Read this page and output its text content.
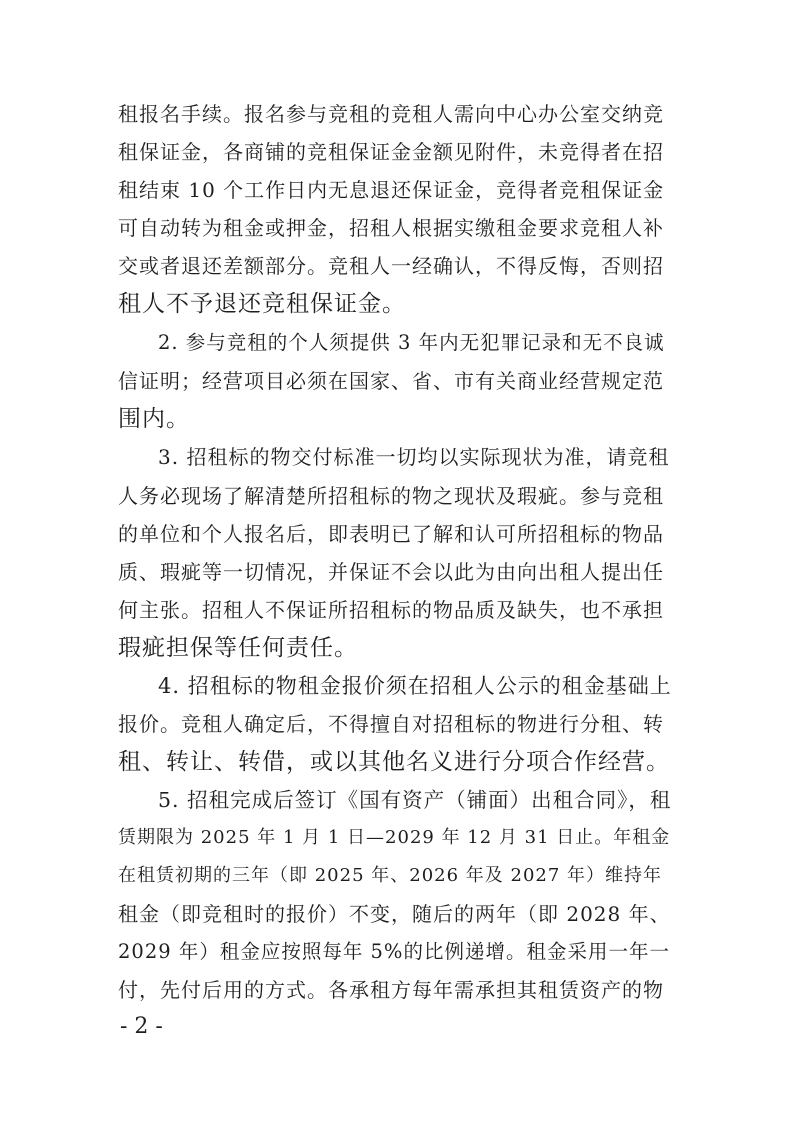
租报名手续。报名参与竞租的竞租人需向中心办公室交纳竞
租保证金，各商铺的竞租保证金金额见附件，未竞得者在招
租结束 10 个工作日内无息退还保证金，竞得者竞租保证金
可自动转为租金或押金，招租人根据实缴租金要求竞租人补
交或者退还差额部分。竞租人一经确认，不得反悔，否则招
租人不予退还竞租保证金。
2. 参与竞租的个人须提供 3 年内无犯罪记录和无不良诚
信证明；经营项目必须在国家、省、市有关商业经营规定范
围内。
3. 招租标的物交付标准一切均以实际现状为准，请竞租
人务必现场了解清楚所招租标的物之现状及瑕疵。参与竞租
的单位和个人报名后，即表明已了解和认可所招租标的物品
质、瑕疵等一切情况，并保证不会以此为由向出租人提出任
何主张。招租人不保证所招租标的物品质及缺失，也不承担
瑕疵担保等任何责任。
4. 招租标的物租金报价须在招租人公示的租金基础上
报价。竞租人确定后，不得擅自对招租标的物进行分租、转
租、转让、转借，或以其他名义进行分项合作经营。
5. 招租完成后签订《国有资产（铺面）出租合同》，租
赁期限为 2025 年 1 月 1 日—2029 年 12 月 31 日止。年租金
在租赁初期的三年（即 2025 年、2026 年及 2027 年）维持年
租金（即竞租时的报价）不变，随后的两年（即 2028 年、
2029 年）租金应按照每年 5%的比例递增。租金采用一年一
付，先付后用的方式。各承租方每年需承担其租赁资产的物
- 2 -
